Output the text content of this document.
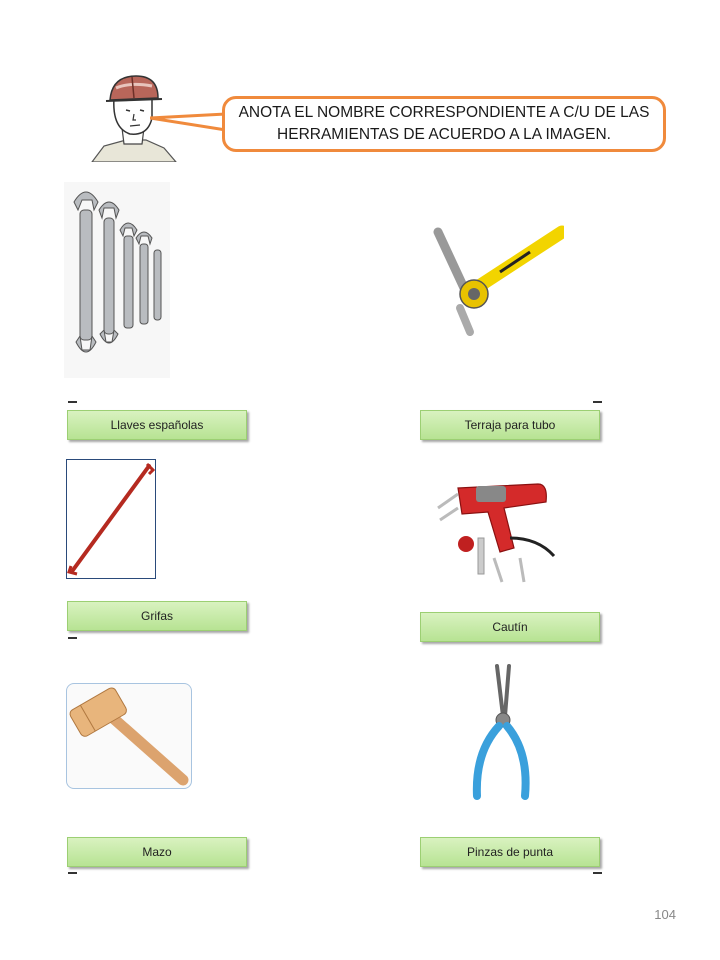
ANOTA EL NOMBRE CORRESPONDIENTE A C/U DE LAS
HERRAMIENTAS DE ACUERDO A LA IMAGEN.
Llaves españolas	Terraja para tubo
Grifas
Cautín
Mazo	Pinzas de punta
104
